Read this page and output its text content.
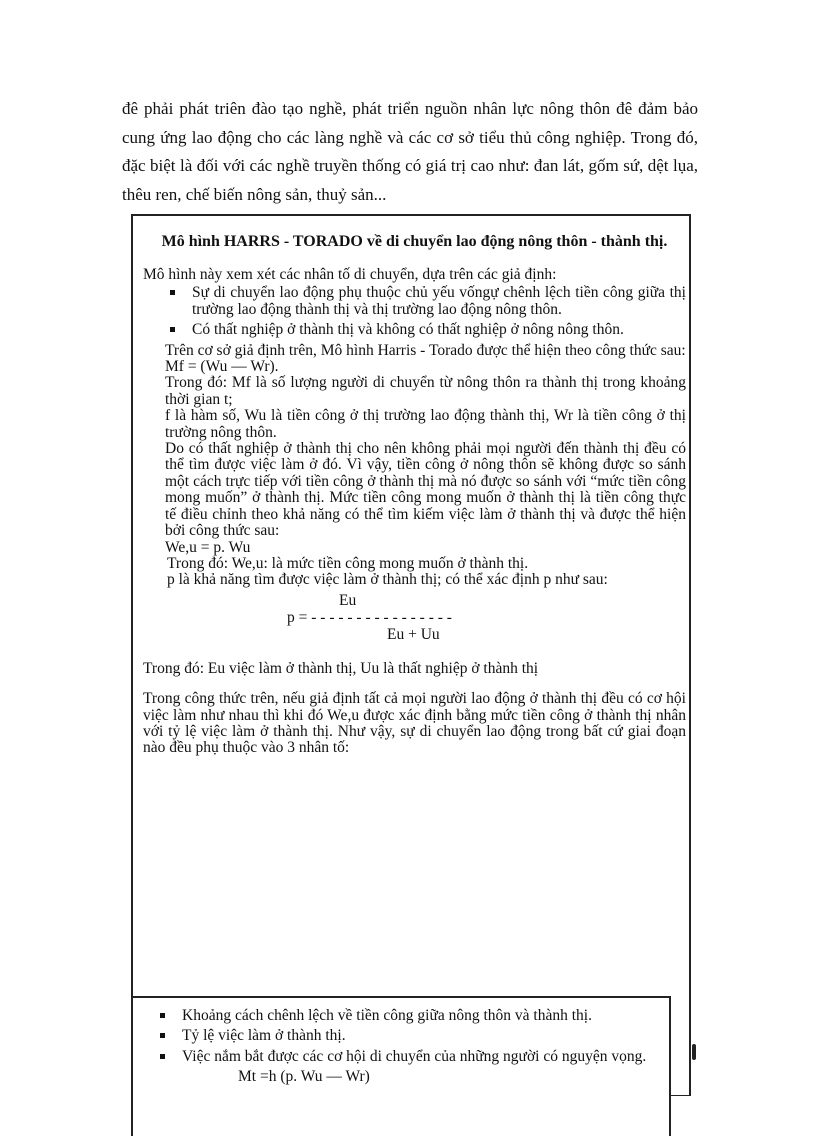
đê phải phát triên đào tạo nghề, phát triển nguồn nhân lực nông thôn đê đảm bảo cung ứng lao động cho các làng nghề và các cơ sở tiểu thủ công nghiệp. Trong đó, đặc biệt là đối với các nghề truyền thống có giá trị cao như: đan lát, gốm sứ, dệt lụa, thêu ren, chế biến nông sản, thuỷ sản...

Mô hình HARRS - TORADO về di chuyển lao động nông thôn - thành thị.

Mô hình này xem xét các nhân tố di chuyển, dựa trên các giả định:

Sự di chuyển lao động phụ thuộc chủ yếu vốngự chênh lệch tiền công giữa thị trường lao động thành thị và thị trường lao động nông thôn.
Có thất nghiệp ở thành thị và không có thất nghiệp ở nông nông thôn.

Trên cơ sở giả định trên, Mô hình Harris - Torado được thể hiện theo công thức sau:

Mf = (Wu — Wr).

Trong đó: Mf là số lượng người di chuyển từ nông thôn ra thành thị trong khoảng thời gian t;

f là hàm số, Wu là tiền công ở thị trường lao động thành thị, Wr là tiền công ở thị trường nông thôn.

Do có thất nghiệp ở thành thị cho nên không phải mọi người đến thành thị đều có thể tìm được việc làm ở đó. Vì vậy, tiền công ở nông thôn sẽ không được so sánh một cách trực tiếp với tiền công ở thành thị mà nó được so sánh với “mức tiền công mong muốn” ở thành thị. Mức tiền công mong muốn ở thành thị là tiền công thực tế điều chỉnh theo khả năng có thể tìm kiếm việc làm ở thành thị và được thể hiện bởi công thức sau:

We,u = p. Wu

Trong đó: We,u: là mức tiền công mong muốn ở thành thị.

p là khả năng tìm được việc làm ở thành thị; có thể xác định p như sau:

Eu
p = - - - - - - - - - - - - - - - -
Eu + Uu

Trong đó: Eu việc làm ở thành thị, Uu là thất nghiệp ở thành thị

Trong công thức trên, nếu giả định tất cả mọi người lao động ở thành thị đều có cơ hội việc làm như nhau thì khi đó We,u được xác định bằng mức tiền công ở thành thị nhân với tỷ lệ việc làm ở thành thị. Như vậy, sự di chuyển lao động trong bất cứ giai đoạn nào đều phụ thuộc vào 3 nhân tố:

Khoảng cách chênh lệch về tiền công giữa nông thôn và thành thị.
Tỷ lệ việc làm ở thành thị.
Việc nắm bắt được các cơ hội di chuyển của những người có nguyện vọng.

Mt =h (p. Wu — Wr)
